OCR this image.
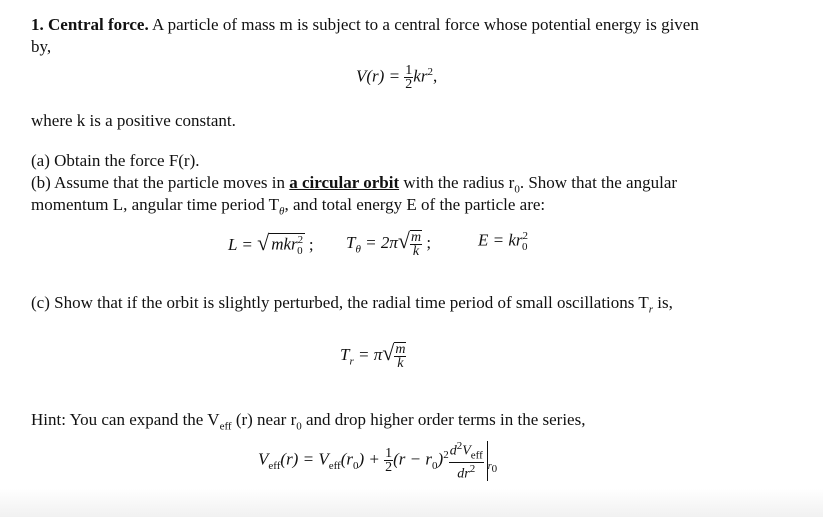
1. Central force. A particle of mass m is subject to a central force whose potential energy is given
by,
$V(r) = \frac{1}{2} kr^2$,
where k is a positive constant.
(a) Obtain the force F(r).
(b) Assume that the particle moves in a circular orbit with the radius $r_0$. Show that the angular
momentum L, angular time period $T_\theta$, and total energy E of the particle are:
L = √ mkr$^2_0$ ; $T_\theta = 2\pi√ \frac{m}{k}$ ;	$E = kr^2_0$
(c) Show that if the orbit is slightly perturbed, the radial time period of small oscillations $T_r$ is,
$T_r = \pi√ \frac{m}{k}$
Hint: You can expand the $V_{eff}$ (r) near $r_0$ and drop higher order terms in the series,
$V_{eff}(r) = V_{eff}(r_0) + \frac{1}{2} (r - r_0)^2 \frac{d^2V_{eff}}{dr^2} _{r_0}$
